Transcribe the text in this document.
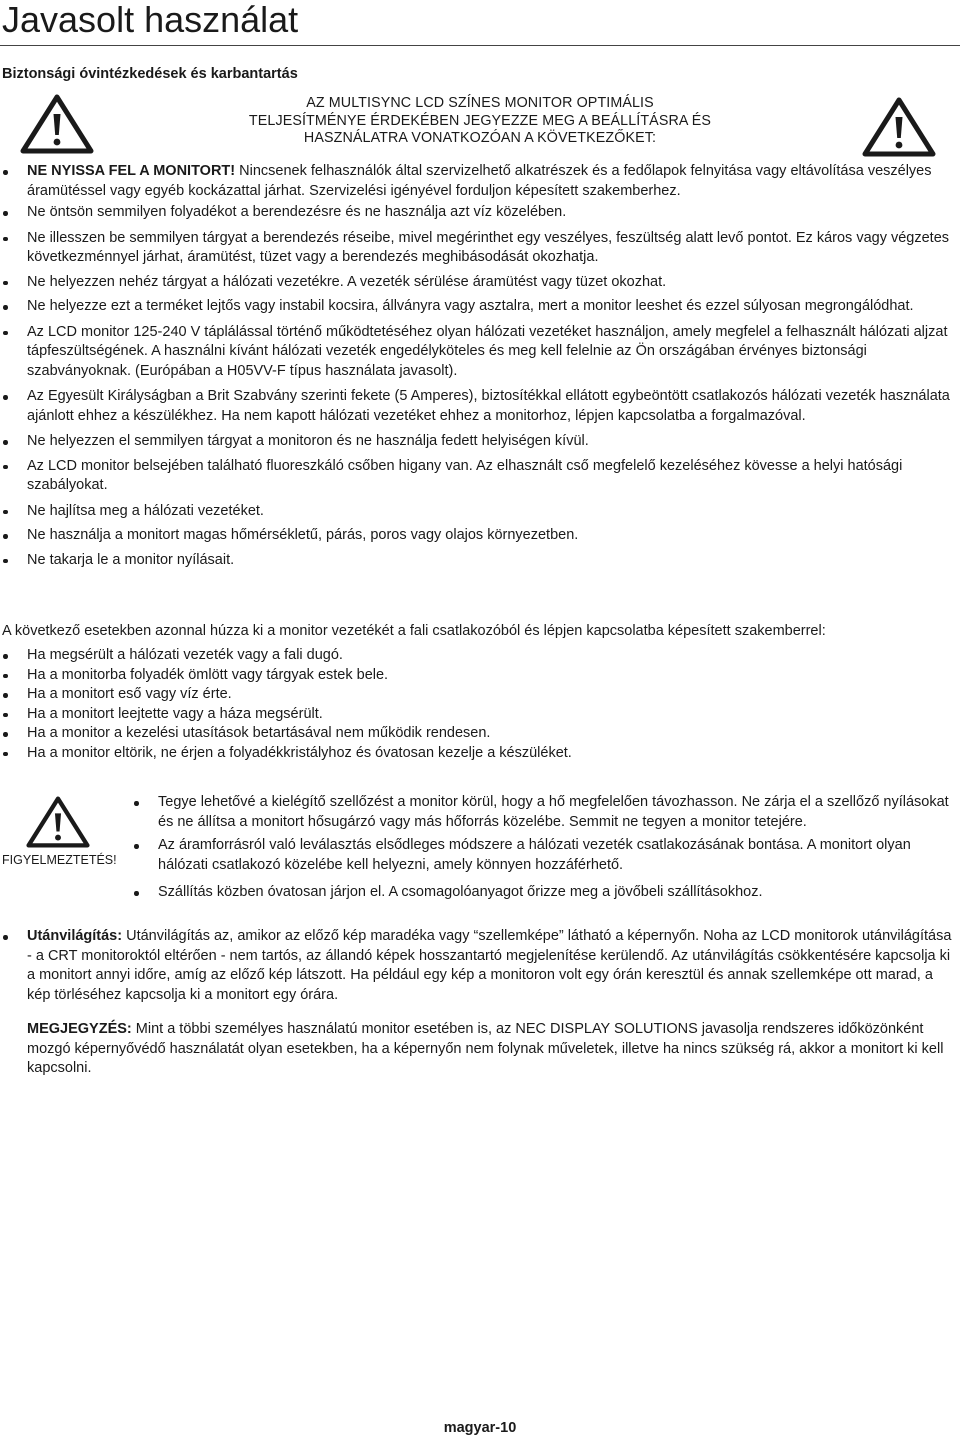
Javasolt használat
Biztonsági óvintézkedések és karbantartás
AZ MULTISYNC LCD SZÍNES MONITOR OPTIMÁLIS
TELJESÍTMÉNYE ÉRDEKÉBEN JEGYEZZE MEG A BEÁLLÍTÁSRA ÉS
HASZNÁLATRA VONATKOZÓAN A KÖVETKEZŐKET:
NE NYISSA FEL A MONITORT! Nincsenek felhasználók által szervizelhető alkatrészek és a fedőlapok felnyitása vagy eltávolítása veszélyes áramütéssel vagy egyéb kockázattal járhat. Szervizelési igényével forduljon képesített szakemberhez.
Ne öntsön semmilyen folyadékot a berendezésre és ne használja azt víz közelében.
Ne illesszen be semmilyen tárgyat a berendezés réseibe, mivel megérinthet egy veszélyes, feszültség alatt levő pontot. Ez káros vagy végzetes következménnyel járhat, áramütést, tüzet vagy a berendezés meghibásodását okozhatja.
Ne helyezzen nehéz tárgyat a hálózati vezetékre. A vezeték sérülése áramütést vagy tüzet okozhat.
Ne helyezze ezt a terméket lejtős vagy instabil kocsira, állványra vagy asztalra, mert a monitor leeshet és ezzel súlyosan megrongálódhat.
Az LCD monitor 125-240 V táplálással történő működtetéséhez olyan hálózati vezetéket használjon, amely megfelel a felhasznált hálózati aljzat tápfeszültségének. A használni kívánt hálózati vezeték engedélyköteles és meg kell felelnie az Ön országában érvényes biztonsági szabványoknak. (Európában a H05VV-F típus használata javasolt).
Az Egyesült Királyságban a Brit Szabvány szerinti fekete (5 Amperes), biztosítékkal ellátott egybeöntött csatlakozós hálózati vezeték használata ajánlott ehhez a készülékhez. Ha nem kapott hálózati vezetéket ehhez a monitorhoz, lépjen kapcsolatba a forgalmazóval.
Ne helyezzen el semmilyen tárgyat a monitoron és ne használja fedett helyiségen kívül.
Az LCD monitor belsejében található fluoreszkáló csőben higany van. Az elhasznált cső megfelelő kezeléséhez kövesse a helyi hatósági szabályokat.
Ne hajlítsa meg a hálózati vezetéket.
Ne használja a monitort magas hőmérsékletű, párás, poros vagy olajos környezetben.
Ne takarja le a monitor nyílásait.

A következő esetekben azonnal húzza ki a monitor vezetékét a fali csatlakozóból és lépjen kapcsolatba képesített szakemberrel:

Ha megsérült a hálózati vezeték vagy a fali dugó.
Ha a monitorba folyadék ömlött vagy tárgyak estek bele.
Ha a monitort eső vagy víz érte.
Ha a monitort leejtette vagy a háza megsérült.
Ha a monitor a kezelési utasítások betartásával nem működik rendesen.
Ha a monitor eltörik, ne érjen a folyadékkristályhoz és óvatosan kezelje a készüléket.
FIGYELMEZTETÉS!
Tegye lehetővé a kielégítő szellőzést a monitor körül, hogy a hő megfelelően távozhasson. Ne zárja el a szellőző nyílásokat és ne állítsa a monitort hősugárzó vagy más hőforrás közelébe. Semmit ne tegyen a monitor tetejére.
Az áramforrásról való leválasztás elsődleges módszere a hálózati vezeték csatlakozásának bontása. A monitort olyan hálózati csatlakozó közelébe kell helyezni, amely könnyen hozzáférhető.
Szállítás közben óvatosan járjon el. A csomagolóanyagot őrizze meg a jövőbeli szállításokhoz.
Utánvilágítás: Utánvilágítás az, amikor az előző kép maradéka vagy “szellemképe” látható a képernyőn. Noha az LCD monitorok utánvilágítása - a CRT monitoroktól eltérően - nem tartós, az állandó képek hosszantartó megjelenítése kerülendő. Az utánvilágítás csökkentésére kapcsolja ki a monitort annyi időre, amíg az előző kép látszott. Ha például egy kép a monitoron volt egy órán keresztül és annak szellemképe ott marad, a kép törléséhez kapcsolja ki a monitort egy órára.

MEGJEGYZÉS: Mint a többi személyes használatú monitor esetében is, az NEC DISPLAY SOLUTIONS javasolja rendszeres időközönként mozgó képernyővédő használatát olyan esetekben, ha a képernyőn nem folynak műveletek, illetve ha nincs szükség rá, akkor a monitort ki kell kapcsolni.

magyar-10
